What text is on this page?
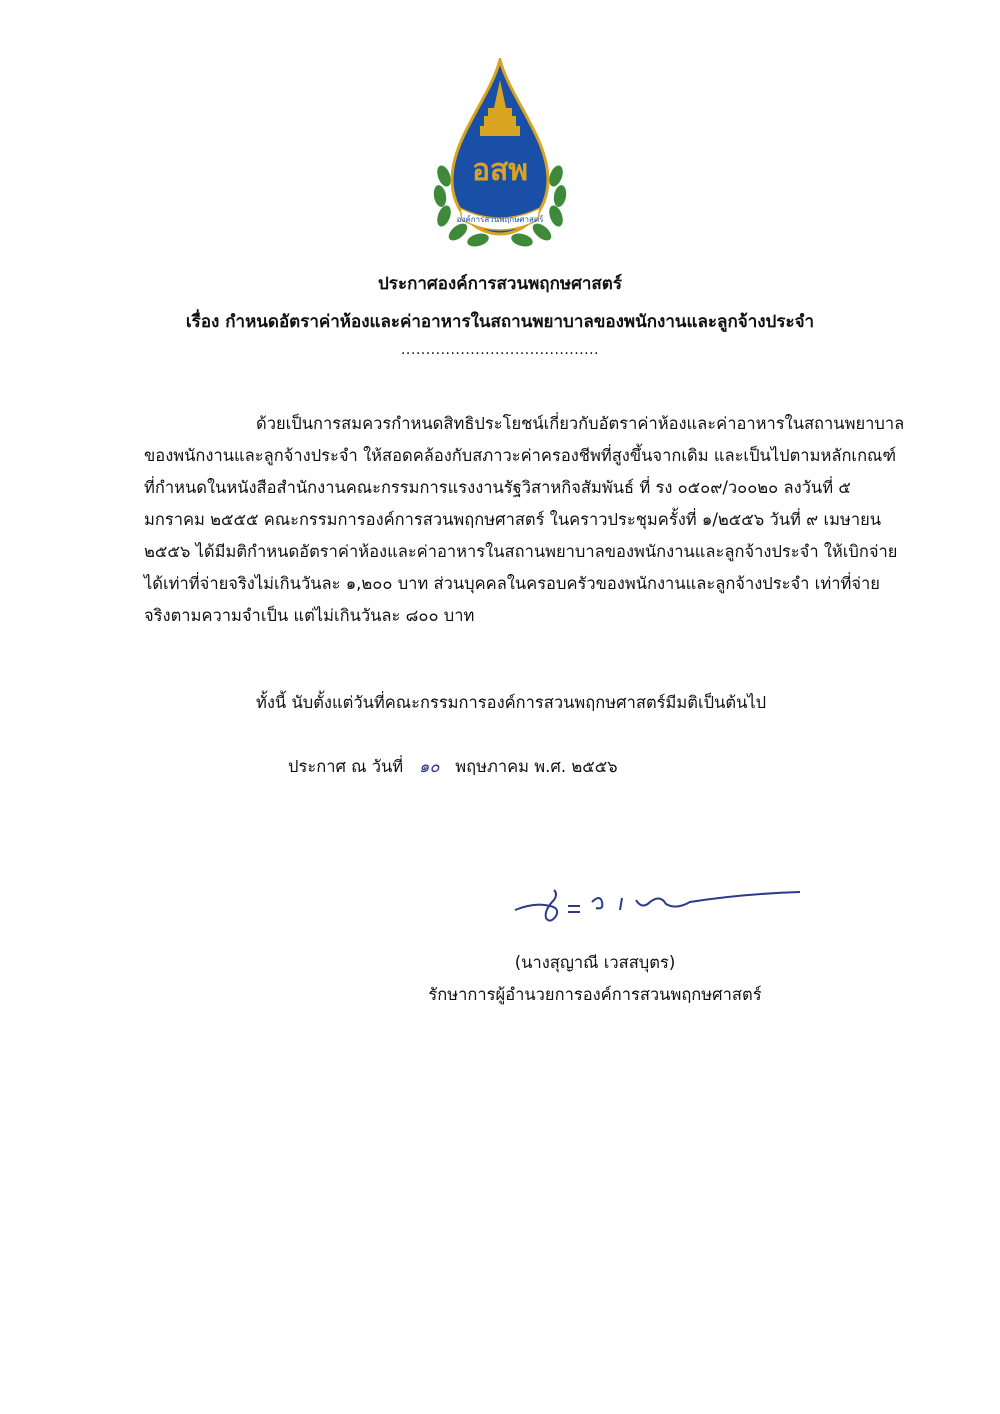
อสพ
องค์การสวนพฤกษศาสตร์
ประกาศองค์การสวนพฤกษศาสตร์
เรื่อง กำหนดอัตราค่าห้องและค่าอาหารในสถานพยาบาลของพนักงานและลูกจ้างประจำ
........................................
ด้วยเป็นการสมควรกำหนดสิทธิประโยชน์เกี่ยวกับอัตราค่าห้องและค่าอาหารในสถานพยาบาล
ของพนักงานและลูกจ้างประจำ ให้สอดคล้องกับสภาวะค่าครองชีพที่สูงขึ้นจากเดิม และเป็นไปตามหลักเกณฑ์
ที่กำหนดในหนังสือสำนักงานคณะกรรมการแรงงานรัฐวิสาหกิจสัมพันธ์ ที่ รง ๐๕๐๙/ว๐๐๒๐ ลงวันที่ ๕
มกราคม ๒๕๕๕ คณะกรรมการองค์การสวนพฤกษศาสตร์ ในคราวประชุมครั้งที่ ๑/๒๕๕๖ วันที่ ๙ เมษายน
๒๕๕๖ ได้มีมติกำหนดอัตราค่าห้องและค่าอาหารในสถานพยาบาลของพนักงานและลูกจ้างประจำ ให้เบิกจ่าย
ได้เท่าที่จ่ายจริงไม่เกินวันละ ๑,๒๐๐ บาท ส่วนบุคคลในครอบครัวของพนักงานและลูกจ้างประจำ เท่าที่จ่าย
จริงตามความจำเป็น แต่ไม่เกินวันละ ๘๐๐ บาท
ทั้งนี้ นับตั้งแต่วันที่คณะกรรมการองค์การสวนพฤกษศาสตร์มีมติเป็นต้นไป
ประกาศ ณ วันที่ ๑๐ พฤษภาคม พ.ศ. ๒๕๕๖
(นางสุญาณี เวสสบุตร)
รักษาการผู้อำนวยการองค์การสวนพฤกษศาสตร์
